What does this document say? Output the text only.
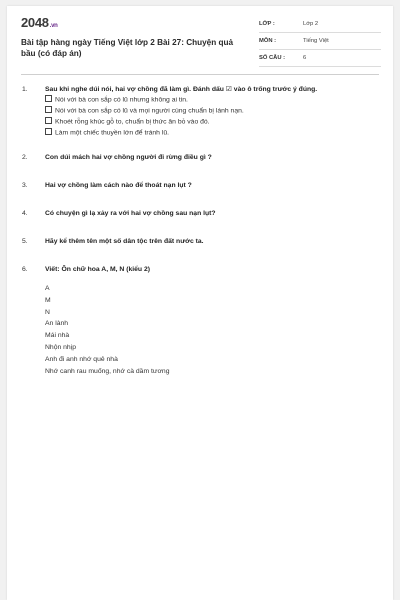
2048.vn
Bài tập hàng ngày Tiếng Việt lớp 2 Bài 27: Chuyện quả bầu (có đáp án)
LỚP :	Lớp 2
MÔN :	Tiếng Việt
SỐ CÂU :	6
1.	Sau khi nghe dúi nói, hai vợ chồng đã làm gì. Đánh dấu ☑ vào ô trống trước ý đúng.
Nói với bà con sắp có lũ nhưng không ai tin.
Nói với bà con sắp có lũ và mọi người cùng chuẩn bị lánh nạn.
Khoét rỗng khúc gỗ to, chuẩn bị thức ăn bỏ vào đó.
Làm một chiếc thuyền lớn để tránh lũ.
2.	Con dúi mách hai vợ chồng người đi rừng điều gì ?
3.	Hai vợ chồng làm cách nào để thoát nạn lụt ?
4.	Có chuyện gì lạ xảy ra với hai vợ chồng sau nạn lụt?
5.	Hãy kể thêm tên một số dân tộc trên đất nước ta.
6.	Viết: Ôn chữ hoa A, M, N (kiểu 2)
A
M
N
An lành
Mái nhà
Nhộn nhịp
Anh đi anh nhớ quê nhà
Nhớ canh rau muống, nhớ cà dầm tương
